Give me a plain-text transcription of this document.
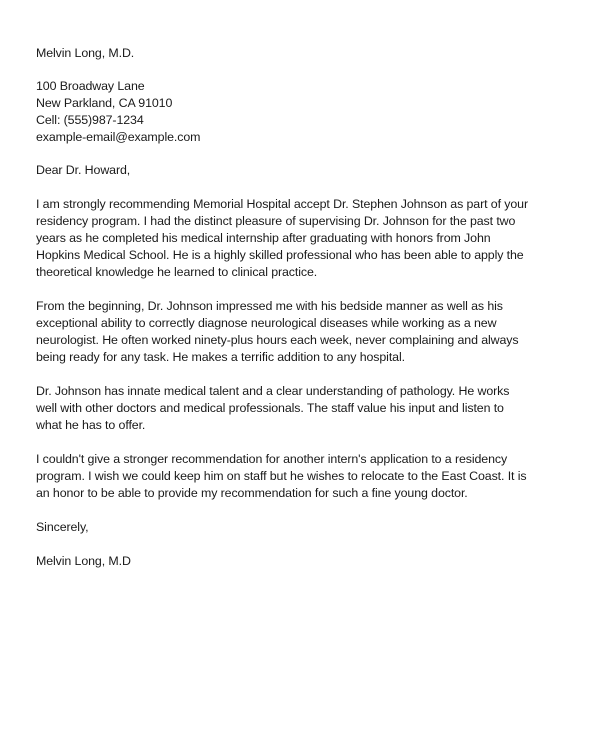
Melvin Long, M.D.
100 Broadway Lane
New Parkland, CA 91010
Cell: (555)987-1234
example-email@example.com
Dear Dr. Howard,
I am strongly recommending Memorial Hospital accept Dr. Stephen Johnson as part of your
residency program. I had the distinct pleasure of supervising Dr. Johnson for the past two
years as he completed his medical internship after graduating with honors from John
Hopkins Medical School. He is a highly skilled professional who has been able to apply the
theoretical knowledge he learned to clinical practice.
From the beginning, Dr. Johnson impressed me with his bedside manner as well as his
exceptional ability to correctly diagnose neurological diseases while working as a new
neurologist. He often worked ninety-plus hours each week, never complaining and always
being ready for any task. He makes a terrific addition to any hospital.
Dr. Johnson has innate medical talent and a clear understanding of pathology. He works
well with other doctors and medical professionals. The staff value his input and listen to
what he has to offer.
I couldn't give a stronger recommendation for another intern's application to a residency
program. I wish we could keep him on staff but he wishes to relocate to the East Coast. It is
an honor to be able to provide my recommendation for such a fine young doctor.
Sincerely,
Melvin Long, M.D
